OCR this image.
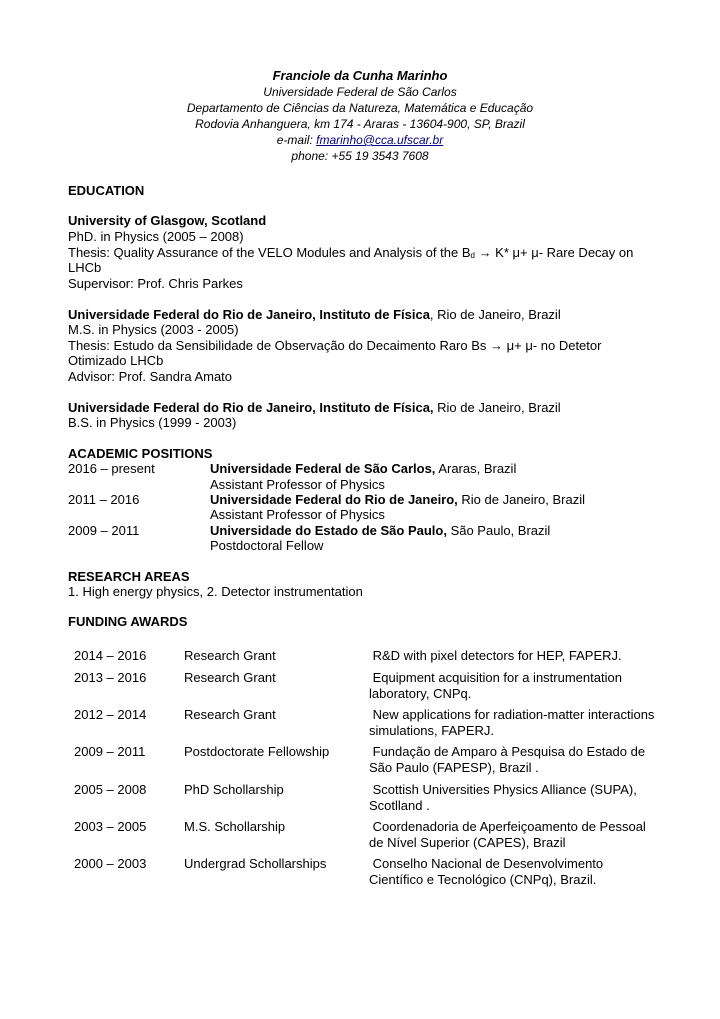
Franciole da Cunha Marinho
Universidade Federal de São Carlos
Departamento de Ciências da Natureza, Matemática e Educação
Rodovia Anhanguera, km 174 - Araras - 13604-900, SP, Brazil
e-mail: fmarinho@cca.ufscar.br
phone: +55 19 3543 7608
EDUCATION
University of Glasgow, Scotland
PhD. in Physics (2005 – 2008)
Thesis: Quality Assurance of the VELO Modules and Analysis of the $B_d \to K*$ μ+ μ- Rare Decay on
LHCb
Supervisor: Prof. Chris Parkes
Universidade Federal do Rio de Janeiro, Instituto de Física, Rio de Janeiro, Brazil
M.S. in Physics (2003 - 2005)
Thesis: Estudo da Sensibilidade de Observação do Decaimento Raro Bs → μ+ μ- no Detetor
Otimizado LHCb
Advisor: Prof. Sandra Amato
Universidade Federal do Rio de Janeiro, Instituto de Física, Rio de Janeiro, Brazil
B.S. in Physics (1999 - 2003)
ACADEMIC POSITIONS
2016 – present	Universidade Federal de São Carlos, Araras, Brazil
Assistant Professor of Physics
2011 – 2016	Universidade Federal do Rio de Janeiro, Rio de Janeiro, Brazil
Assistant Professor of Physics
2009 – 2011	Universidade do Estado de São Paulo, São Paulo, Brazil
Postdoctoral Fellow
RESEARCH AREAS
1. High energy physics, 2. Detector instrumentation
FUNDING AWARDS
2014 – 2016	Research Grant	R&D with pixel detectors for HEP, FAPERJ.
2013 – 2016	Research Grant	Equipment acquisition for a instrumentation laboratory, CNPq.
2012 – 2014	Research Grant	New applications for radiation-matter interactions simulations, FAPERJ.
2009 – 2011	Postdoctorate Fellowship	Fundação de Amparo à Pesquisa do Estado de São Paulo (FAPESP), Brazil .
2005 – 2008	PhD Schollarship	Scottish Universities Physics Alliance (SUPA), Scotlland .
2003 – 2005	M.S. Schollarship	Coordenadoria de Aperfeiçoamento de Pessoal de Nível Superior (CAPES), Brazil
2000 – 2003	Undergrad Schollarships	Conselho Nacional de Desenvolvimento Científico e Tecnológico (CNPq), Brazil.
